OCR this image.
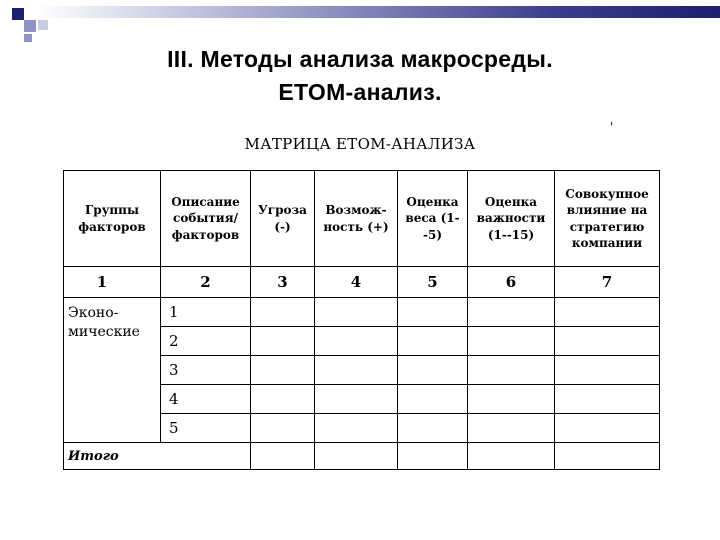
III. Методы анализа макросреды.
ETOM-анализ.
'
МАТРИЦА ETOM-АНАЛИЗА
Группы факторов	Описание события/ факторов	Угроза (-)	Возмож-ность (+)	Оценка веса (1--5)	Оценка важности (1--15)	Совокупное влияние на стратегию компании
1	2	3	4	5	6	7
Эконо-мические	1					
	2					
	3					
	4					
	5					
Итого						
